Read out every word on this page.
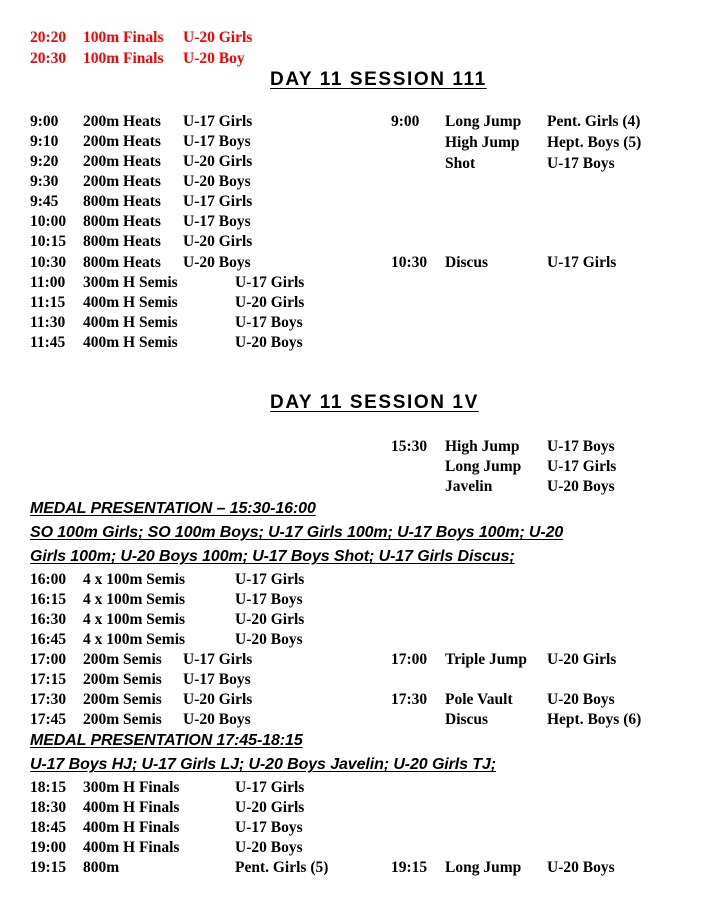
20:20 100m Finals U-20 Girls
20:30 100m Finals U-20 Boy
DAY 11 SESSION 111
9:00 200m Heats U-17 Girls
9:10 200m Heats U-17 Boys
9:20 200m Heats U-20 Girls
9:30 200m Heats U-20 Boys
9:45 800m Heats U-17 Girls
10:00 800m Heats U-17 Boys
10:15 800m Heats U-20 Girls
10:30 800m Heats U-20 Boys
11:00 300m H Semis	U-17 Girls
11:15 400m H Semis	U-20 Girls
11:30 400m H Semis	U-17 Boys
11:45 400m H Semis	U-20 Boys
9:00 Long Jump Pent. Girls (4)
High Jump Hept. Boys (5)
Shot	U-17 Boys
10:30 Discus	U-17 Girls
DAY 11 SESSION 1V
15:30 High Jump U-17 Boys
Long Jump U-17 Girls
Javelin	U-20 Boys
MEDAL PRESENTATION – 15:30-16:00
SO 100m Girls; SO 100m Boys; U-17 Girls 100m; U-17 Boys 100m; U-20
Girls 100m; U-20 Boys 100m; U-17 Boys Shot; U-17 Girls Discus;
16:00 4 x 100m Semis	U-17 Girls
16:15 4 x 100m Semis	U-17 Boys
16:30 4 x 100m Semis	U-20 Girls
16:45 4 x 100m Semis	U-20 Boys
17:00 200m Semis U-17 Girls
17:15 200m Semis U-17 Boys
17:30 200m Semis U-20 Girls
17:45 200m Semis U-20 Boys
17:00 Triple Jump U-20 Girls
17:30 Pole Vault U-20 Boys
Discus	Hept. Boys (6)
MEDAL PRESENTATION 17:45-18:15
U-17 Boys HJ; U-17 Girls LJ; U-20 Boys Javelin; U-20 Girls TJ;
18:15 300m H Finals	U-17 Girls
18:30 400m H Finals	U-20 Girls
18:45 400m H Finals	U-17 Boys
19:00 400m H Finals	U-20 Boys
19:15 800m	Pent. Girls (5)	19:15 Long Jump U-20 Boys
